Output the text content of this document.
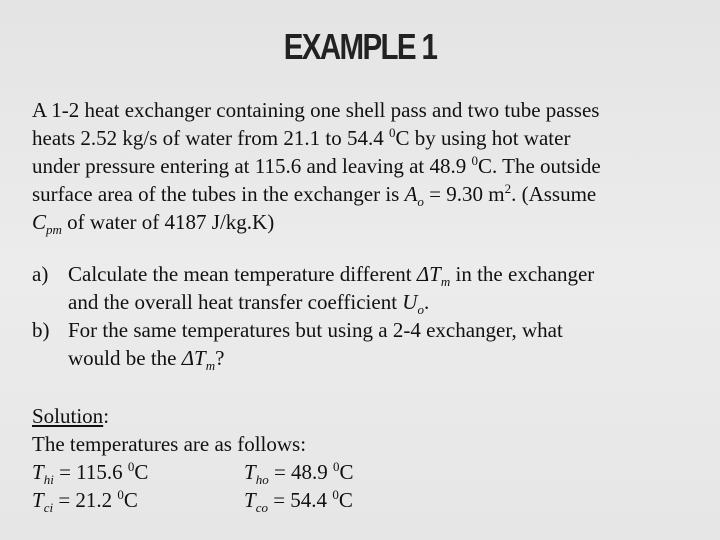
EXAMPLE 1

A 1-2 heat exchanger containing one shell pass and two tube passes
heats 2.52 kg/s of water from 21.1 to 54.4 $^0$C by using hot water
under pressure entering at 115.6 and leaving at 48.9 $^0$C. The outside
surface area of the tubes in the exchanger is $A_o = 9.30$ $m^2$. (Assume
$C_{pm}$ of water of 4187 J/kg.K)

a) Calculate the mean temperature different $\Delta T_m$ in the exchanger
and the overall heat transfer coefficient $U_o$.
b) For the same temperatures but using a 2-4 exchanger, what
would be the $\Delta T_m$?
Solution:
The temperatures are as follows:
$T_{hi} = 115.6$ $^0$C	$T_{ho} = 48.9$ $^0$C
$T_{ci} = 21.2$ $^0$C	$T_{co} = 54.4$ $^0$C
